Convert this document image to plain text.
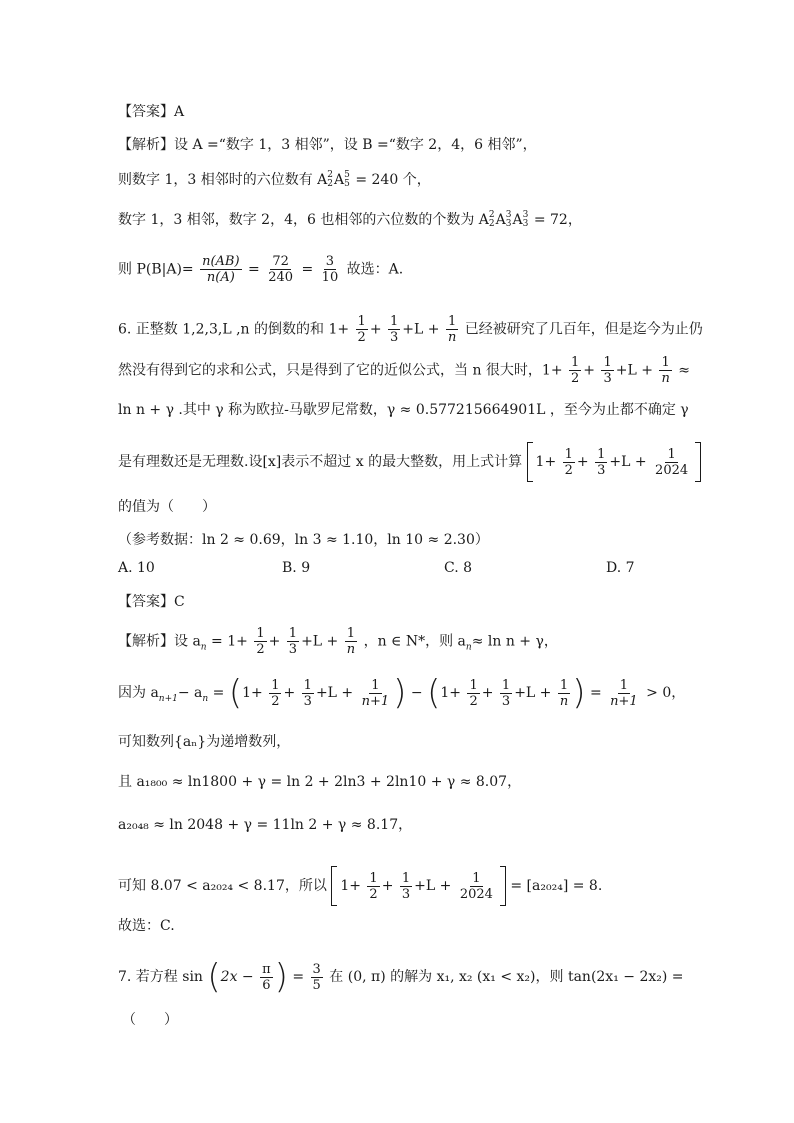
【答案】A
【解析】设 A =“数字 1，3 相邻”，设 B =“数字 2，4，6 相邻”，
则数字 1，3 相邻时的六位数有 A 2
2 A 5
5 = 240 个，
数字 1，3 相邻，数字 2，4，6 也相邻的六位数的个数为 A 2
2 A 3
3 A 3
3 = 72，
则 $P(B|A)= \frac{n(AB)}{n(A)} = \frac{72}{240} = \frac{3}{10}$ 故选：A.
6. 正整数 1,2,3,L ,n 的倒数的和 $1+ \frac{1}{2} + \frac{1}{3} +L + \frac{1}{n}$ 已经被研究了几百年，但是迄今为止仍
然没有得到它的求和公式，只是得到了它的近似公式，当 n 很大时，$1+ \frac{1}{2} + \frac{1}{3} +L + \frac{1}{n}$ ≈
ln n + γ .其中 γ 称为欧拉-马歇罗尼常数，γ ≈ 0.577215664901L ，至今为止都不确定 γ
是有理数还是无理数.设[x]表示不超过 x 的最大整数，用上式计算 $1+ \frac{1}{2} + \frac{1}{3} +L + \frac{1}{2024}$
的值为（　　）
（参考数据：ln 2 ≈ 0.69，ln 3 ≈ 1.10，ln 10 ≈ 2.30）
A. 10	B. 9	C. 8	D. 7
【答案】C
【解析】设 $a_n = 1+ \frac{1}{2} + \frac{1}{3} +L + \frac{1}{n}$ ，n ∈ N*，则 $a_n\approx \ln n + \gamma$，
因为 $a_{n+1}- a_n = (1+ \frac{1}{2} + \frac{1}{3} +L + \frac{1}{n+1}$ ) − ($1+ \frac{1}{2} + \frac{1}{3} +L + \frac{1}{n}$ ) = $\frac{1}{n+1} > 0$，
可知数列{aₙ}为递增数列，
且 a₁₈₀₀ ≈ ln1800 + γ = ln 2 + 2ln3 + 2ln10 + γ ≈ 8.07，
a₂₀₄₈ ≈ ln 2048 + γ = 11ln 2 + γ ≈ 8.17，
可知 8.07 < a₂₀₂₄ < 8.17，所以 $1+ \frac{1}{2} + \frac{1}{3} +L + \frac{1}{2024} = [a_{2024}] = 8$.
故选：C.
7. 若方程 $\sin (2x - \frac{\pi}{6}$ ) = $\frac{3}{5}$ 在 (0, π) 的解为 x₁, x₂ (x₁ < x₂)，则 tan(2x₁ − 2x₂) =
（　　）
